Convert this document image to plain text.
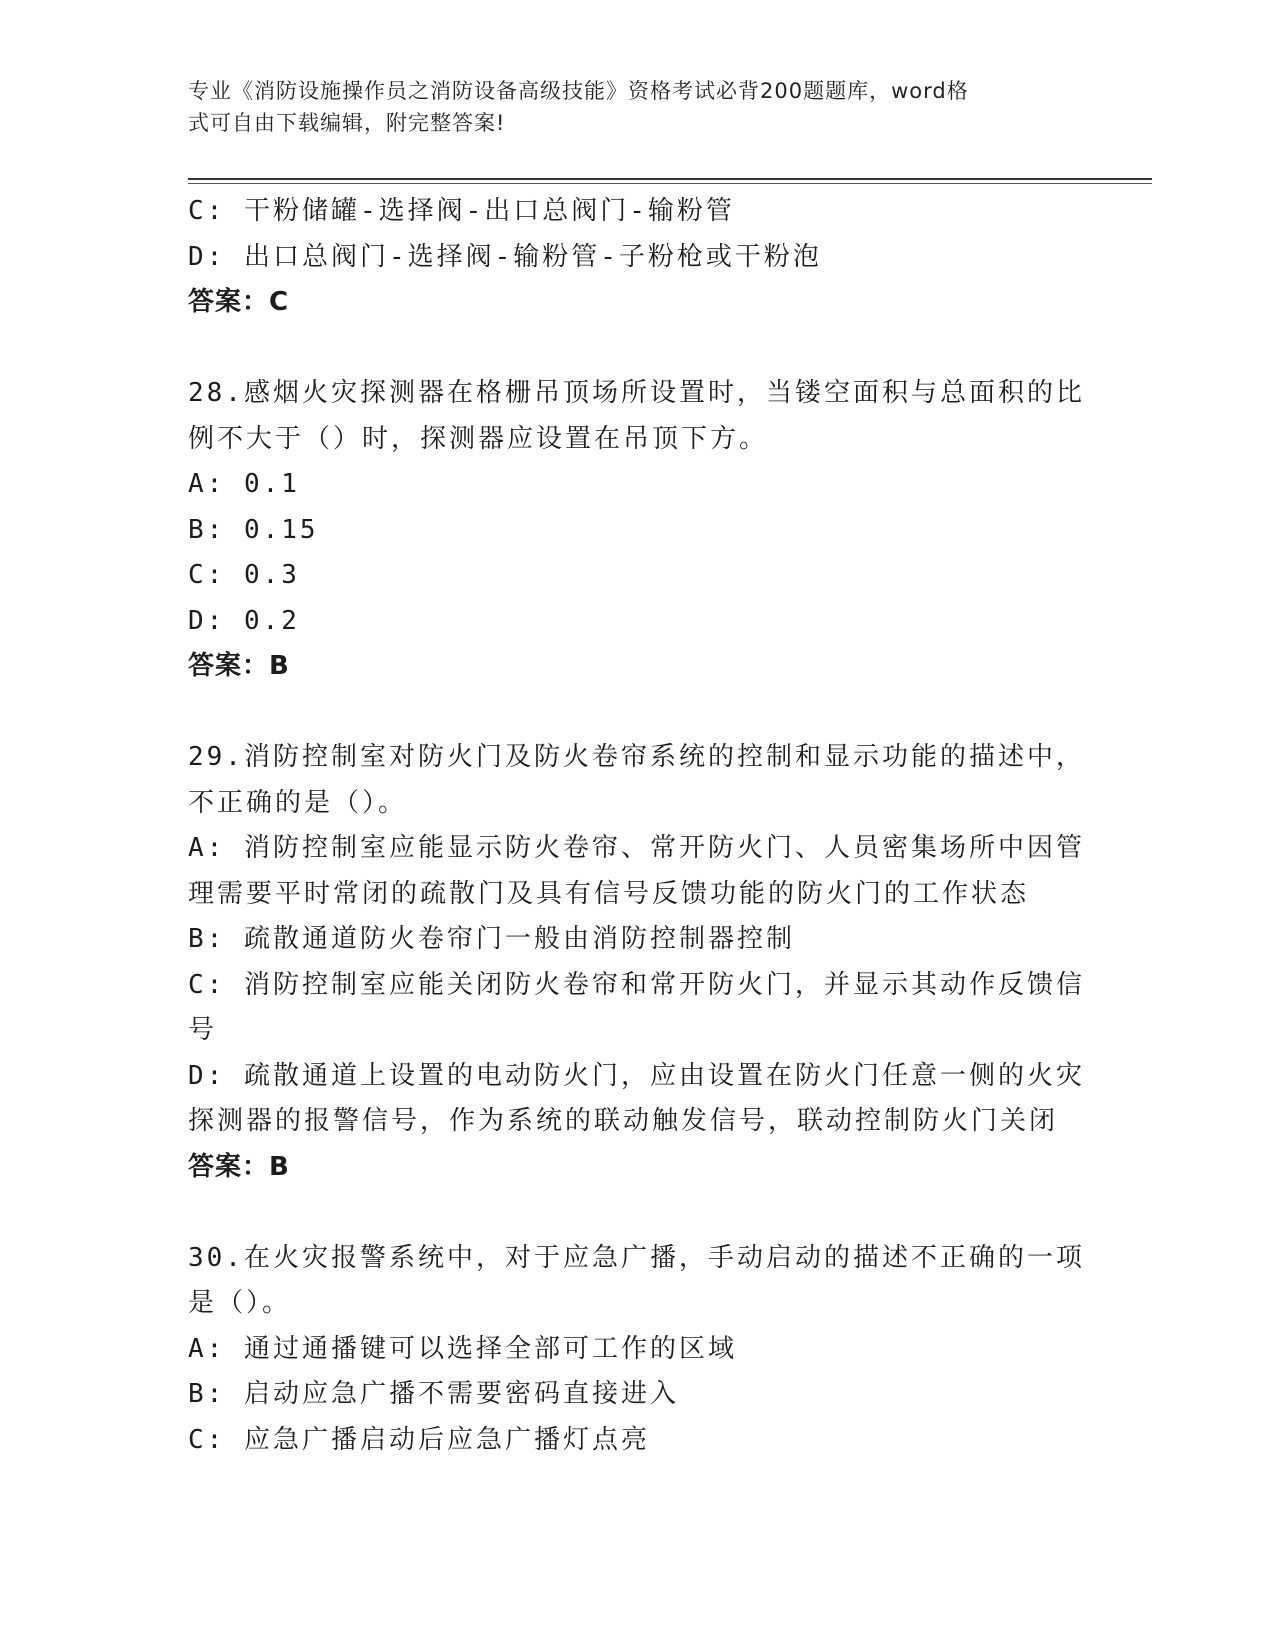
专业《消防设施操作员之消防设备高级技能》资格考试必背200题题库，word格
式可自由下载编辑，附完整答案!
C: 干粉储罐-选择阀-出口总阀门-输粉管
D: 出口总阀门-选择阀-输粉管-子粉枪或干粉泡
答案：C
28.感烟火灾探测器在格栅吊顶场所设置时，当镂空面积与总面积的比
例不大于（）时，探测器应设置在吊顶下方。
A: 0.1
B: 0.15
C: 0.3
D: 0.2
答案：B
29.消防控制室对防火门及防火卷帘系统的控制和显示功能的描述中，
不正确的是（）。
A: 消防控制室应能显示防火卷帘、常开防火门、人员密集场所中因管
理需要平时常闭的疏散门及具有信号反馈功能的防火门的工作状态
B: 疏散通道防火卷帘门一般由消防控制器控制
C: 消防控制室应能关闭防火卷帘和常开防火门，并显示其动作反馈信
号
D: 疏散通道上设置的电动防火门，应由设置在防火门任意一侧的火灾
探测器的报警信号，作为系统的联动触发信号，联动控制防火门关闭
答案：B
30.在火灾报警系统中，对于应急广播，手动启动的描述不正确的一项
是（）。
A: 通过通播键可以选择全部可工作的区域
B: 启动应急广播不需要密码直接进入
C: 应急广播启动后应急广播灯点亮
